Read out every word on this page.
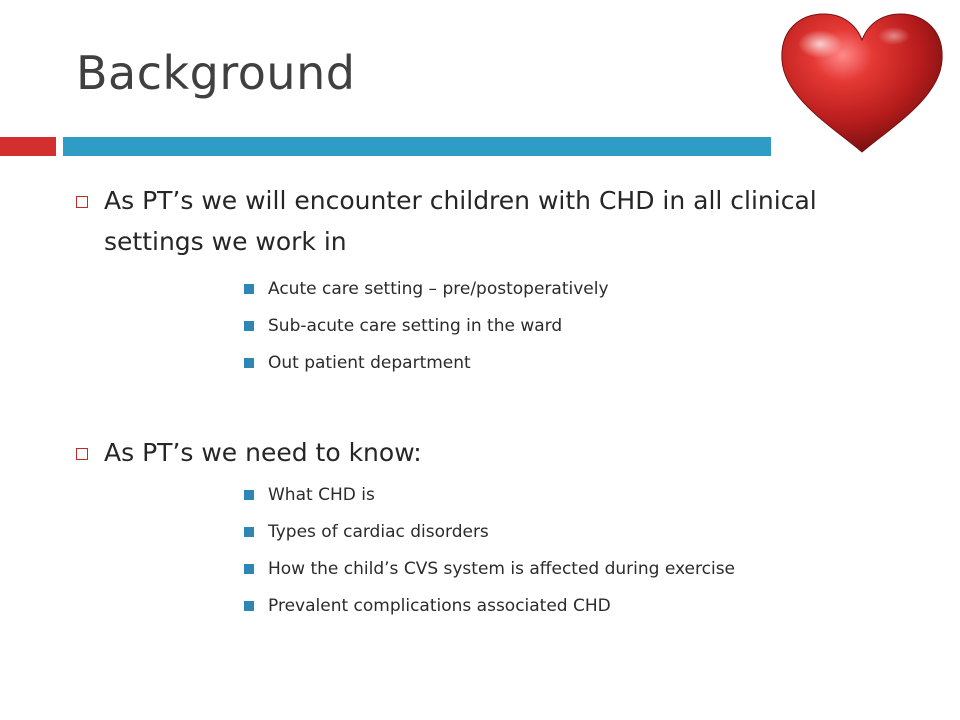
Background
As PT’s we will encounter children with CHD in all clinical settings we work in
Acute care setting – pre/postoperatively
Sub-acute care setting in the ward
Out patient department
As PT’s we need to know:
What CHD is
Types of cardiac disorders
How the child’s CVS system is affected during exercise
Prevalent complications associated CHD
